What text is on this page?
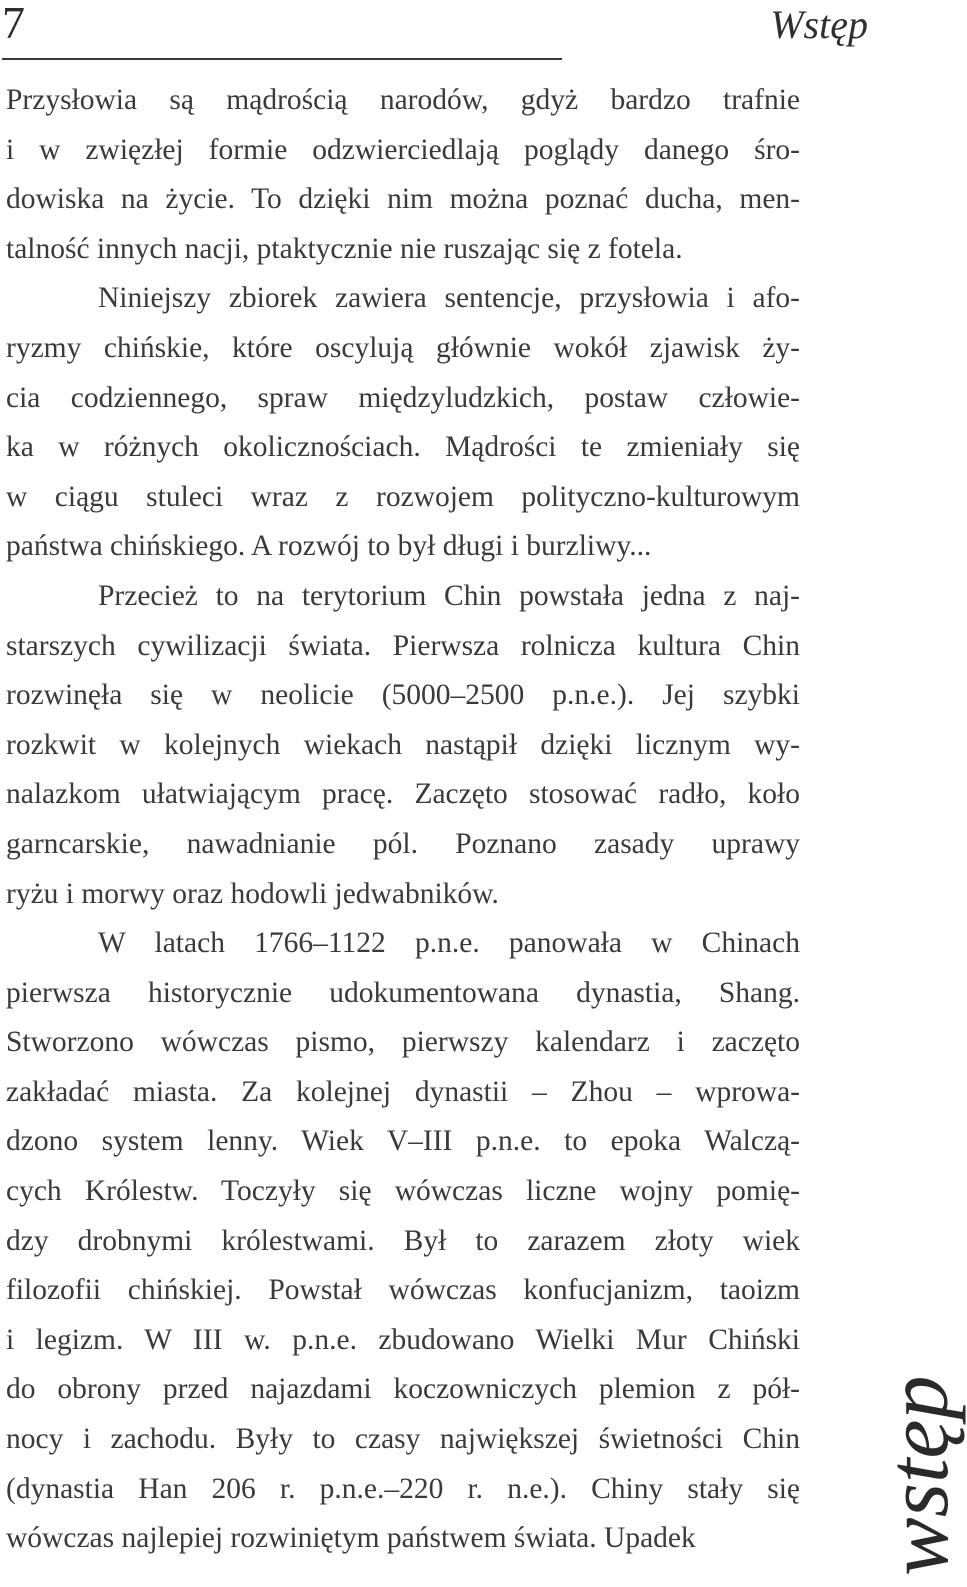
7	Wstęp
Przysłowia są mądrością narodów, gdyż bardzo trafnie
i w zwięzłej formie odzwierciedlają poglądy danego śro-
dowiska na życie. To dzięki nim można poznać ducha, men-
talność innych nacji, ptaktycznie nie ruszając się z fotela.
Niniejszy zbiorek zawiera sentencje, przysłowia i afo-
ryzmy chińskie, które oscylują głównie wokół zjawisk ży-
cia codziennego, spraw międzyludzkich, postaw człowie-
ka w różnych okolicznościach. Mądrości te zmieniały się
w ciągu stuleci wraz z rozwojem polityczno-kulturowym
państwa chińskiego. A rozwój to był długi i burzliwy...
Przecież to na terytorium Chin powstała jedna z naj-
starszych cywilizacji świata. Pierwsza rolnicza kultura Chin
rozwinęła się w neolicie (5000–2500 p.n.e.). Jej szybki
rozkwit w kolejnych wiekach nastąpił dzięki licznym wy-
nalazkom ułatwiającym pracę. Zaczęto stosować radło, koło
garncarskie, nawadnianie pól. Poznano zasady uprawy
ryżu i morwy oraz hodowli jedwabników.
W latach 1766–1122 p.n.e. panowała w Chinach
pierwsza historycznie udokumentowana dynastia, Shang.
Stworzono wówczas pismo, pierwszy kalendarz i zaczęto
zakładać miasta. Za kolejnej dynastii – Zhou – wprowa-
dzono system lenny. Wiek V–III p.n.e. to epoka Walczą-
cych Królestw. Toczyły się wówczas liczne wojny pomię-
dzy drobnymi królestwami. Był to zarazem złoty wiek
filozofii chińskiej. Powstał wówczas konfucjanizm, taoizm
i legizm. W III w. p.n.e. zbudowano Wielki Mur Chiński
do obrony przed najazdami koczowniczych plemion z pół-
nocy i zachodu. Były to czasy największej świetności Chin
(dynastia Han 206 r. p.n.e.–220 r. n.e.). Chiny stały się
wówczas najlepiej rozwiniętym państwem świata. Upadek	wstęp
